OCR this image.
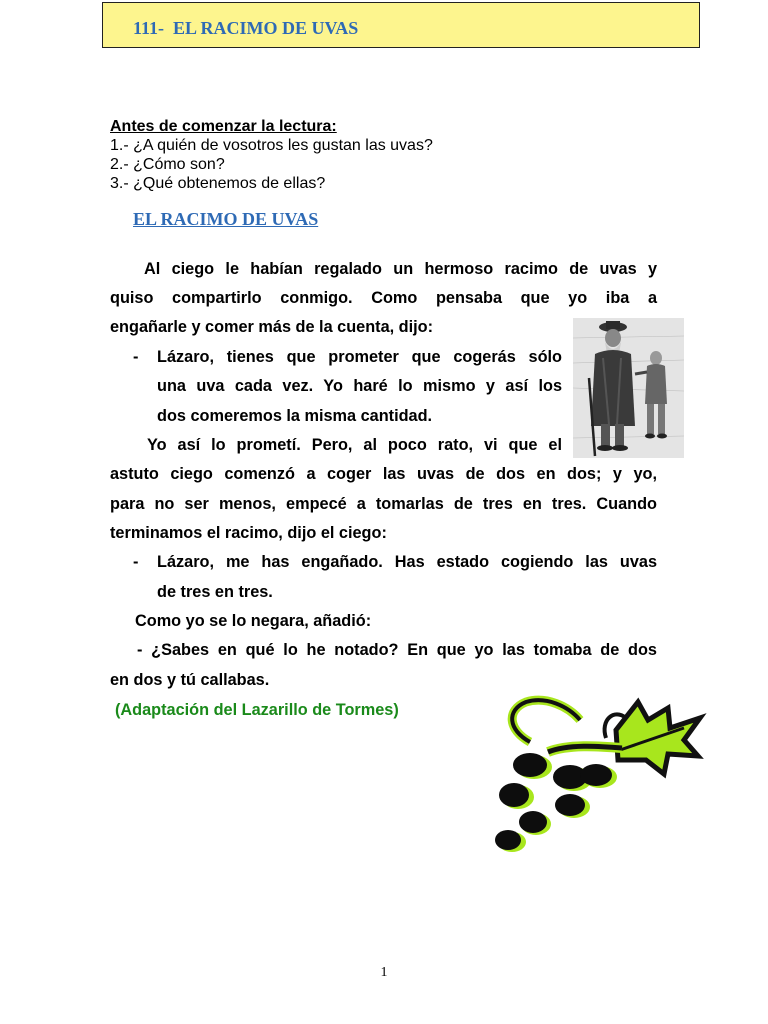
111-  EL RACIMO DE UVAS
Antes de comenzar la lectura:
1.- ¿A quién de vosotros les gustan las uvas?
2.- ¿Cómo son?
3.- ¿Qué obtenemos de ellas?
EL RACIMO DE UVAS
Al ciego le habían regalado un hermoso racimo de uvas y
quiso compartirlo conmigo. Como pensaba que yo iba a
engañarle y comer más de la cuenta, dijo:
- Lázaro, tienes que prometer que cogerás sólo
una uva cada vez. Yo haré lo mismo y así los
dos comeremos la misma cantidad.
Yo así lo prometí. Pero, al poco rato, vi que el
astuto ciego comenzó a coger las uvas de dos en dos; y yo,
para no ser menos, empecé a tomarlas de tres en tres. Cuando
terminamos el racimo, dijo el ciego:
- Lázaro, me has engañado. Has estado cogiendo las uvas
de tres en tres.
Como yo se lo negara, añadió:
- ¿Sabes en qué lo he notado? En que yo las tomaba de dos
en dos y tú callabas.
(Adaptación del Lazarillo de Tormes)
1
